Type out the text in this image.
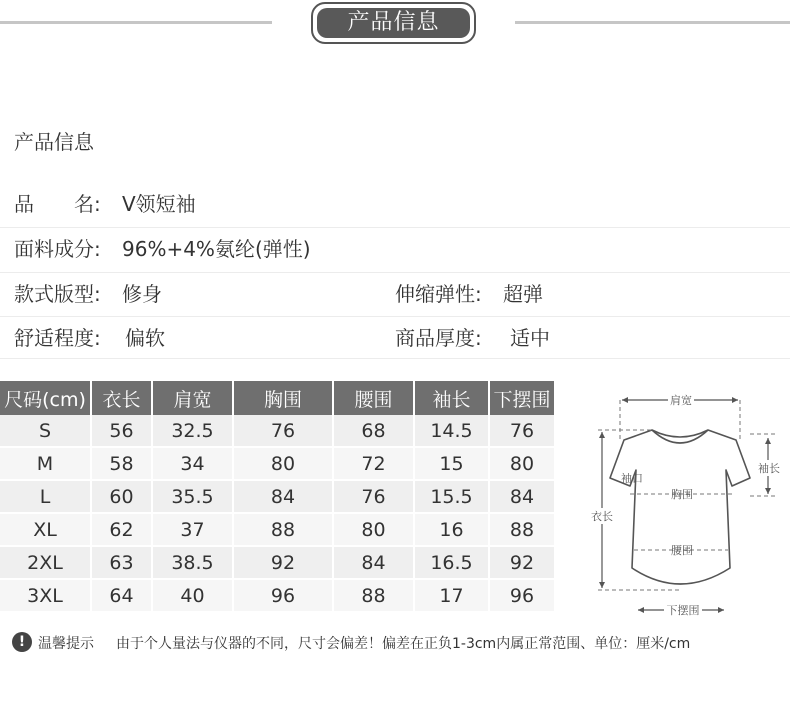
产品信息
产品信息
品　　名: V领短袖
面料成分: 96%+4%氨纶(弹性)
款式版型: 修身	伸缩弹性: 超弹
舒适程度: 偏软	商品厚度: 适中
尺码(cm)	衣长	肩宽	胸围	腰围	袖长	下摆围
S	56	32.5	76	68	14.5	76
M	58	34	80	72	15	80
L	60	35.5	84	76	15.5	84
XL	62	37	88	80	16	88
2XL	63	38.5	92	84	16.5	92
3XL	64	40	96	88	17	96
肩宽
袖口
胸围
衣长
腰围
袖长
下摆围
! 温馨提示 由于个人量法与仪器的不同，尺寸会偏差！偏差在正负1-3cm内属正常范围、单位：厘米/cm
